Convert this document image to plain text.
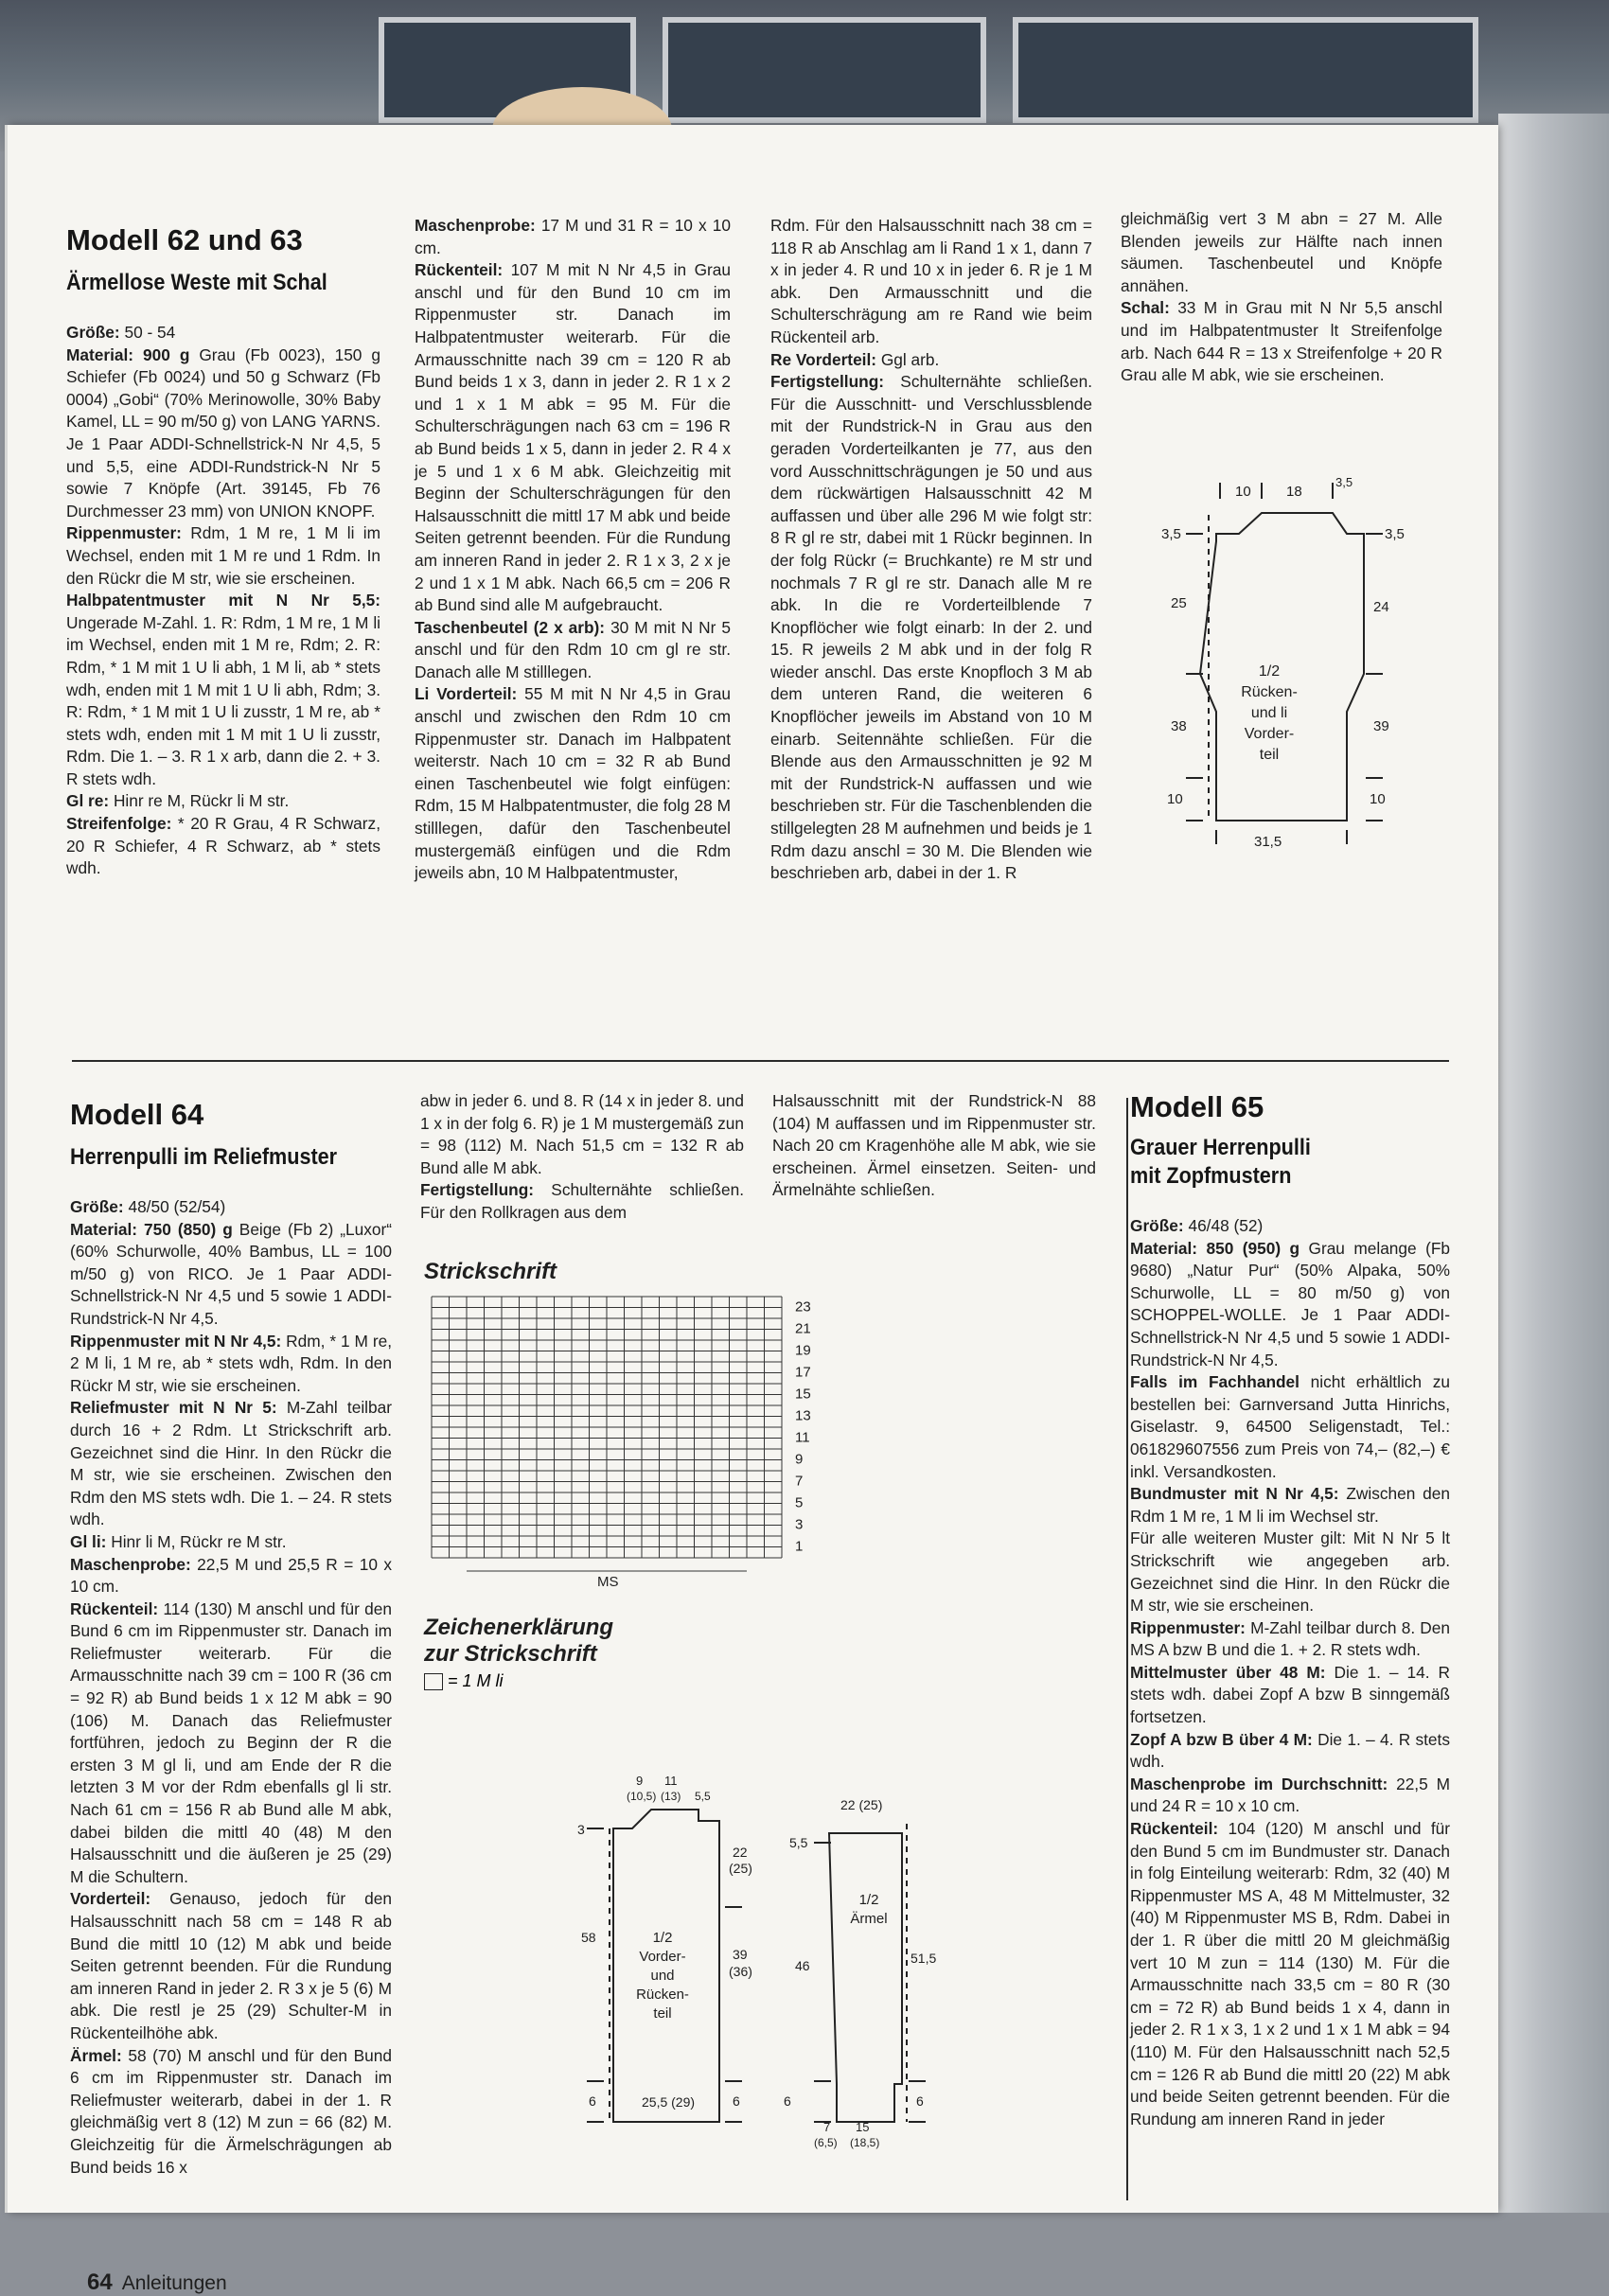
Modell 62 und 63
Ärmellose Weste mit Schal

Größe: 50 - 54

Material: 900 g Grau (Fb 0023), 150 g Schiefer (Fb 0024) und 50 g Schwarz (Fb 0004) „Gobi“ (70% Merinowolle, 30% Baby Kamel, LL = 90 m/50 g) von LANG YARNS. Je 1 Paar ADDI-Schnellstrick-N Nr 4,5, 5 und 5,5, eine ADDI-Rundstrick-N Nr 5 sowie 7 Knöpfe (Art. 39145, Fb 76 Durchmesser 23 mm) von UNION KNOPF.

Rippenmuster: Rdm, 1 M re, 1 M li im Wechsel, enden mit 1 M re und 1 Rdm. In den Rückr die M str, wie sie erscheinen.

Halbpatentmuster mit N Nr 5,5: Ungerade M-Zahl. 1. R: Rdm, 1 M re, 1 M li im Wechsel, enden mit 1 M re, Rdm; 2. R: Rdm, * 1 M mit 1 U li abh, 1 M li, ab * stets wdh, enden mit 1 M mit 1 U li abh, Rdm; 3. R: Rdm, * 1 M mit 1 U li zusstr, 1 M re, ab * stets wdh, enden mit 1 M mit 1 U li zusstr, Rdm. Die 1. – 3. R 1 x arb, dann die 2. + 3. R stets wdh.

Gl re: Hinr re M, Rückr li M str.

Streifenfolge: * 20 R Grau, 4 R Schwarz, 20 R Schiefer, 4 R Schwarz, ab * stets wdh.

Maschenprobe: 17 M und 31 R = 10 x 10 cm.

Rückenteil: 107 M mit N Nr 4,5 in Grau anschl und für den Bund 10 cm im Rippenmuster str. Danach im Halbpatentmuster weiterarb. Für die Armausschnitte nach 39 cm = 120 R ab Bund beids 1 x 3, dann in jeder 2. R 1 x 2 und 1 x 1 M abk = 95 M. Für die Schulterschrägungen nach 63 cm = 196 R ab Bund beids 1 x 5, dann in jeder 2. R 4 x je 5 und 1 x 6 M abk. Gleichzeitig mit Beginn der Schulterschrägungen für den Halsausschnitt die mittl 17 M abk und beide Seiten getrennt beenden. Für die Rundung am inneren Rand in jeder 2. R 1 x 3, 2 x je 2 und 1 x 1 M abk. Nach 66,5 cm = 206 R ab Bund sind alle M aufgebraucht.

Taschenbeutel (2 x arb): 30 M mit N Nr 5 anschl und für den Rdm 10 cm gl re str. Danach alle M stilllegen.

Li Vorderteil: 55 M mit N Nr 4,5 in Grau anschl und zwischen den Rdm 10 cm Rippenmuster str. Danach im Halbpatent weiterstr. Nach 10 cm = 32 R ab Bund einen Taschenbeutel wie folgt einfügen: Rdm, 15 M Halbpatentmuster, die folg 28 M stilllegen, dafür den Taschenbeutel mustergemäß einfügen und die Rdm jeweils abn, 10 M Halbpatentmuster,

Rdm. Für den Halsausschnitt nach 38 cm = 118 R ab Anschlag am li Rand 1 x 1, dann 7 x in jeder 4. R und 10 x in jeder 6. R je 1 M abk. Den Armausschnitt und die Schulterschrägung am re Rand wie beim Rückenteil arb.

Re Vorderteil: Ggl arb.

Fertigstellung: Schulternähte schließen. Für die Ausschnitt- und Verschlussblende mit der Rundstrick-N in Grau aus den geraden Vorderteilkanten je 77, aus den vord Ausschnittschrägungen je 50 und aus dem rückwärtigen Halsausschnitt 42 M auffassen und über alle 296 M wie folgt str: 8 R gl re str, dabei mit 1 Rückr beginnen. In der folg Rückr (= Bruchkante) re M str und nochmals 7 R gl re str. Danach alle M re abk. In die re Vorderteilblende 7 Knopflöcher wie folgt einarb: In der 2. und 15. R jeweils 2 M abk und in der folg R wieder anschl. Das erste Knopfloch 3 M ab dem unteren Rand, die weiteren 6 Knopflöcher jeweils im Abstand von 10 M einarb. Seitennähte schließen. Für die Blende aus den Armausschnitten je 92 M mit der Rundstrick-N auffassen und wie beschrieben str. Für die Taschenblenden die stillgelegten 28 M aufnehmen und beids je 1 Rdm dazu anschl = 30 M. Die Blenden wie beschrieben arb, dabei in der 1. R

gleichmäßig vert 3 M abn = 27 M. Alle Blenden jeweils zur Hälfte nach innen säumen. Taschenbeutel und Knöpfe annähen.

Schal: 33 M in Grau mit N Nr 5,5 anschl und im Halbpatentmuster lt Streifenfolge arb. Nach 644 R = 13 x Streifenfolge + 20 R Grau alle M abk, wie sie erscheinen.

10 18
3,5
3,5	3,5
25	24
38	39
10	10
31,5
1/2
Rücken-
und li
Vorder-
teil
Modell 64
Herrenpulli im Reliefmuster

Größe: 48/50 (52/54)

Material: 750 (850) g Beige (Fb 2) „Luxor“ (60% Schurwolle, 40% Bambus, LL = 100 m/50 g) von RICO. Je 1 Paar ADDI-Schnellstrick-N Nr 4,5 und 5 sowie 1 ADDI-Rundstrick-N Nr 4,5.

Rippenmuster mit N Nr 4,5: Rdm, * 1 M re, 2 M li, 1 M re, ab * stets wdh, Rdm. In den Rückr M str, wie sie erscheinen.

Reliefmuster mit N Nr 5: M-Zahl teilbar durch 16 + 2 Rdm. Lt Strickschrift arb. Gezeichnet sind die Hinr. In den Rückr die M str, wie sie erscheinen. Zwischen den Rdm den MS stets wdh. Die 1. – 24. R stets wdh.

Gl li: Hinr li M, Rückr re M str.

Maschenprobe: 22,5 M und 25,5 R = 10 x 10 cm.

Rückenteil: 114 (130) M anschl und für den Bund 6 cm im Rippenmuster str. Danach im Reliefmuster weiterarb. Für die Armausschnitte nach 39 cm = 100 R (36 cm = 92 R) ab Bund beids 1 x 12 M abk = 90 (106) M. Danach das Reliefmuster fortführen, jedoch zu Beginn der R die ersten 3 M gl li, und am Ende der R die letzten 3 M vor der Rdm ebenfalls gl li str. Nach 61 cm = 156 R ab Bund alle M abk, dabei bilden die mittl 40 (48) M den Halsausschnitt und die äußeren je 25 (29) M die Schultern.

Vorderteil: Genauso, jedoch für den Halsausschnitt nach 58 cm = 148 R ab Bund die mittl 10 (12) M abk und beide Seiten getrennt beenden. Für die Rundung am inneren Rand in jeder 2. R 3 x je 5 (6) M abk. Die restl je 25 (29) Schulter-M in Rückenteilhöhe abk.

Ärmel: 58 (70) M anschl und für den Bund 6 cm im Rippenmuster str. Danach im Reliefmuster weiterarb, dabei in der 1. R gleichmäßig vert 8 (12) M zun = 66 (82) M. Gleichzeitig für die Ärmelschrägungen ab Bund beids 16 x

abw in jeder 6. und 8. R (14 x in jeder 8. und 1 x in der folg 6. R) je 1 M mustergemäß zun = 98 (112) M. Nach 51,5 cm = 132 R ab Bund alle M abk.

Fertigstellung: Schulternähte schließen. Für den Rollkragen aus dem

Halsausschnitt mit der Rundstrick-N 88 (104) M auffassen und im Rippenmuster str. Nach 20 cm Kragenhöhe alle M abk, wie sie erscheinen. Ärmel einsetzen. Seiten- und Ärmelnähte schließen.

Strickschrift
23
21
19
17
15
13
11
9
7
5
3
1
MS
Zeichenerklärung
zur Strickschrift
= 1 M li
9
(10,5)
11
(13) 5,5
3
22
(25)
58
39
(36)
6	6
25,5 (29)
1/2
Vorder-
und
Rücken-
teil
22 (25)
5,5
46	51,5
6	6
7
(6,5)
15
(18,5)
1/2
Ärmel
Modell 65
Grauer Herrenpulli
mit Zopfmustern

Größe: 46/48 (52)

Material: 850 (950) g Grau melange (Fb 9680) „Natur Pur“ (50% Alpaka, 50% Schurwolle, LL = 80 m/50 g) von SCHOPPEL-WOLLE. Je 1 Paar ADDI-Schnellstrick-N Nr 4,5 und 5 sowie 1 ADDI-Rundstrick-N Nr 4,5.

Falls im Fachhandel nicht erhältlich zu bestellen bei: Garnversand Jutta Hinrichs, Giselastr. 9, 64500 Seligenstadt, Tel.: 061829607556 zum Preis von 74,– (82,–) € inkl. Versandkosten.

Bundmuster mit N Nr 4,5: Zwischen den Rdm 1 M re, 1 M li im Wechsel str.

Für alle weiteren Muster gilt: Mit N Nr 5 lt Strickschrift wie angegeben arb. Gezeichnet sind die Hinr. In den Rückr die M str, wie sie erscheinen.

Rippenmuster: M-Zahl teilbar durch 8. Den MS A bzw B und die 1. + 2. R stets wdh.

Mittelmuster über 48 M: Die 1. – 14. R stets wdh. dabei Zopf A bzw B sinngemäß fortsetzen.

Zopf A bzw B über 4 M: Die 1. – 4. R stets wdh.

Maschenprobe im Durchschnitt: 22,5 M und 24 R = 10 x 10 cm.

Rückenteil: 104 (120) M anschl und für den Bund 5 cm im Bundmuster str. Danach in folg Einteilung weiterarb: Rdm, 32 (40) M Rippenmuster MS A, 48 M Mittelmuster, 32 (40) M Rippenmuster MS B, Rdm. Dabei in der 1. R über die mittl 20 M gleichmäßig vert 10 M zun = 114 (130) M. Für die Armausschnitte nach 33,5 cm = 80 R (30 cm = 72 R) ab Bund beids 1 x 4, dann in jeder 2. R 1 x 3, 1 x 2 und 1 x 1 M abk = 94 (110) M. Für den Halsausschnitt nach 52,5 cm = 126 R ab Bund die mittl 20 (22) M abk und beide Seiten getrennt beenden. Für die Rundung am inneren Rand in jeder

64 Anleitungen
